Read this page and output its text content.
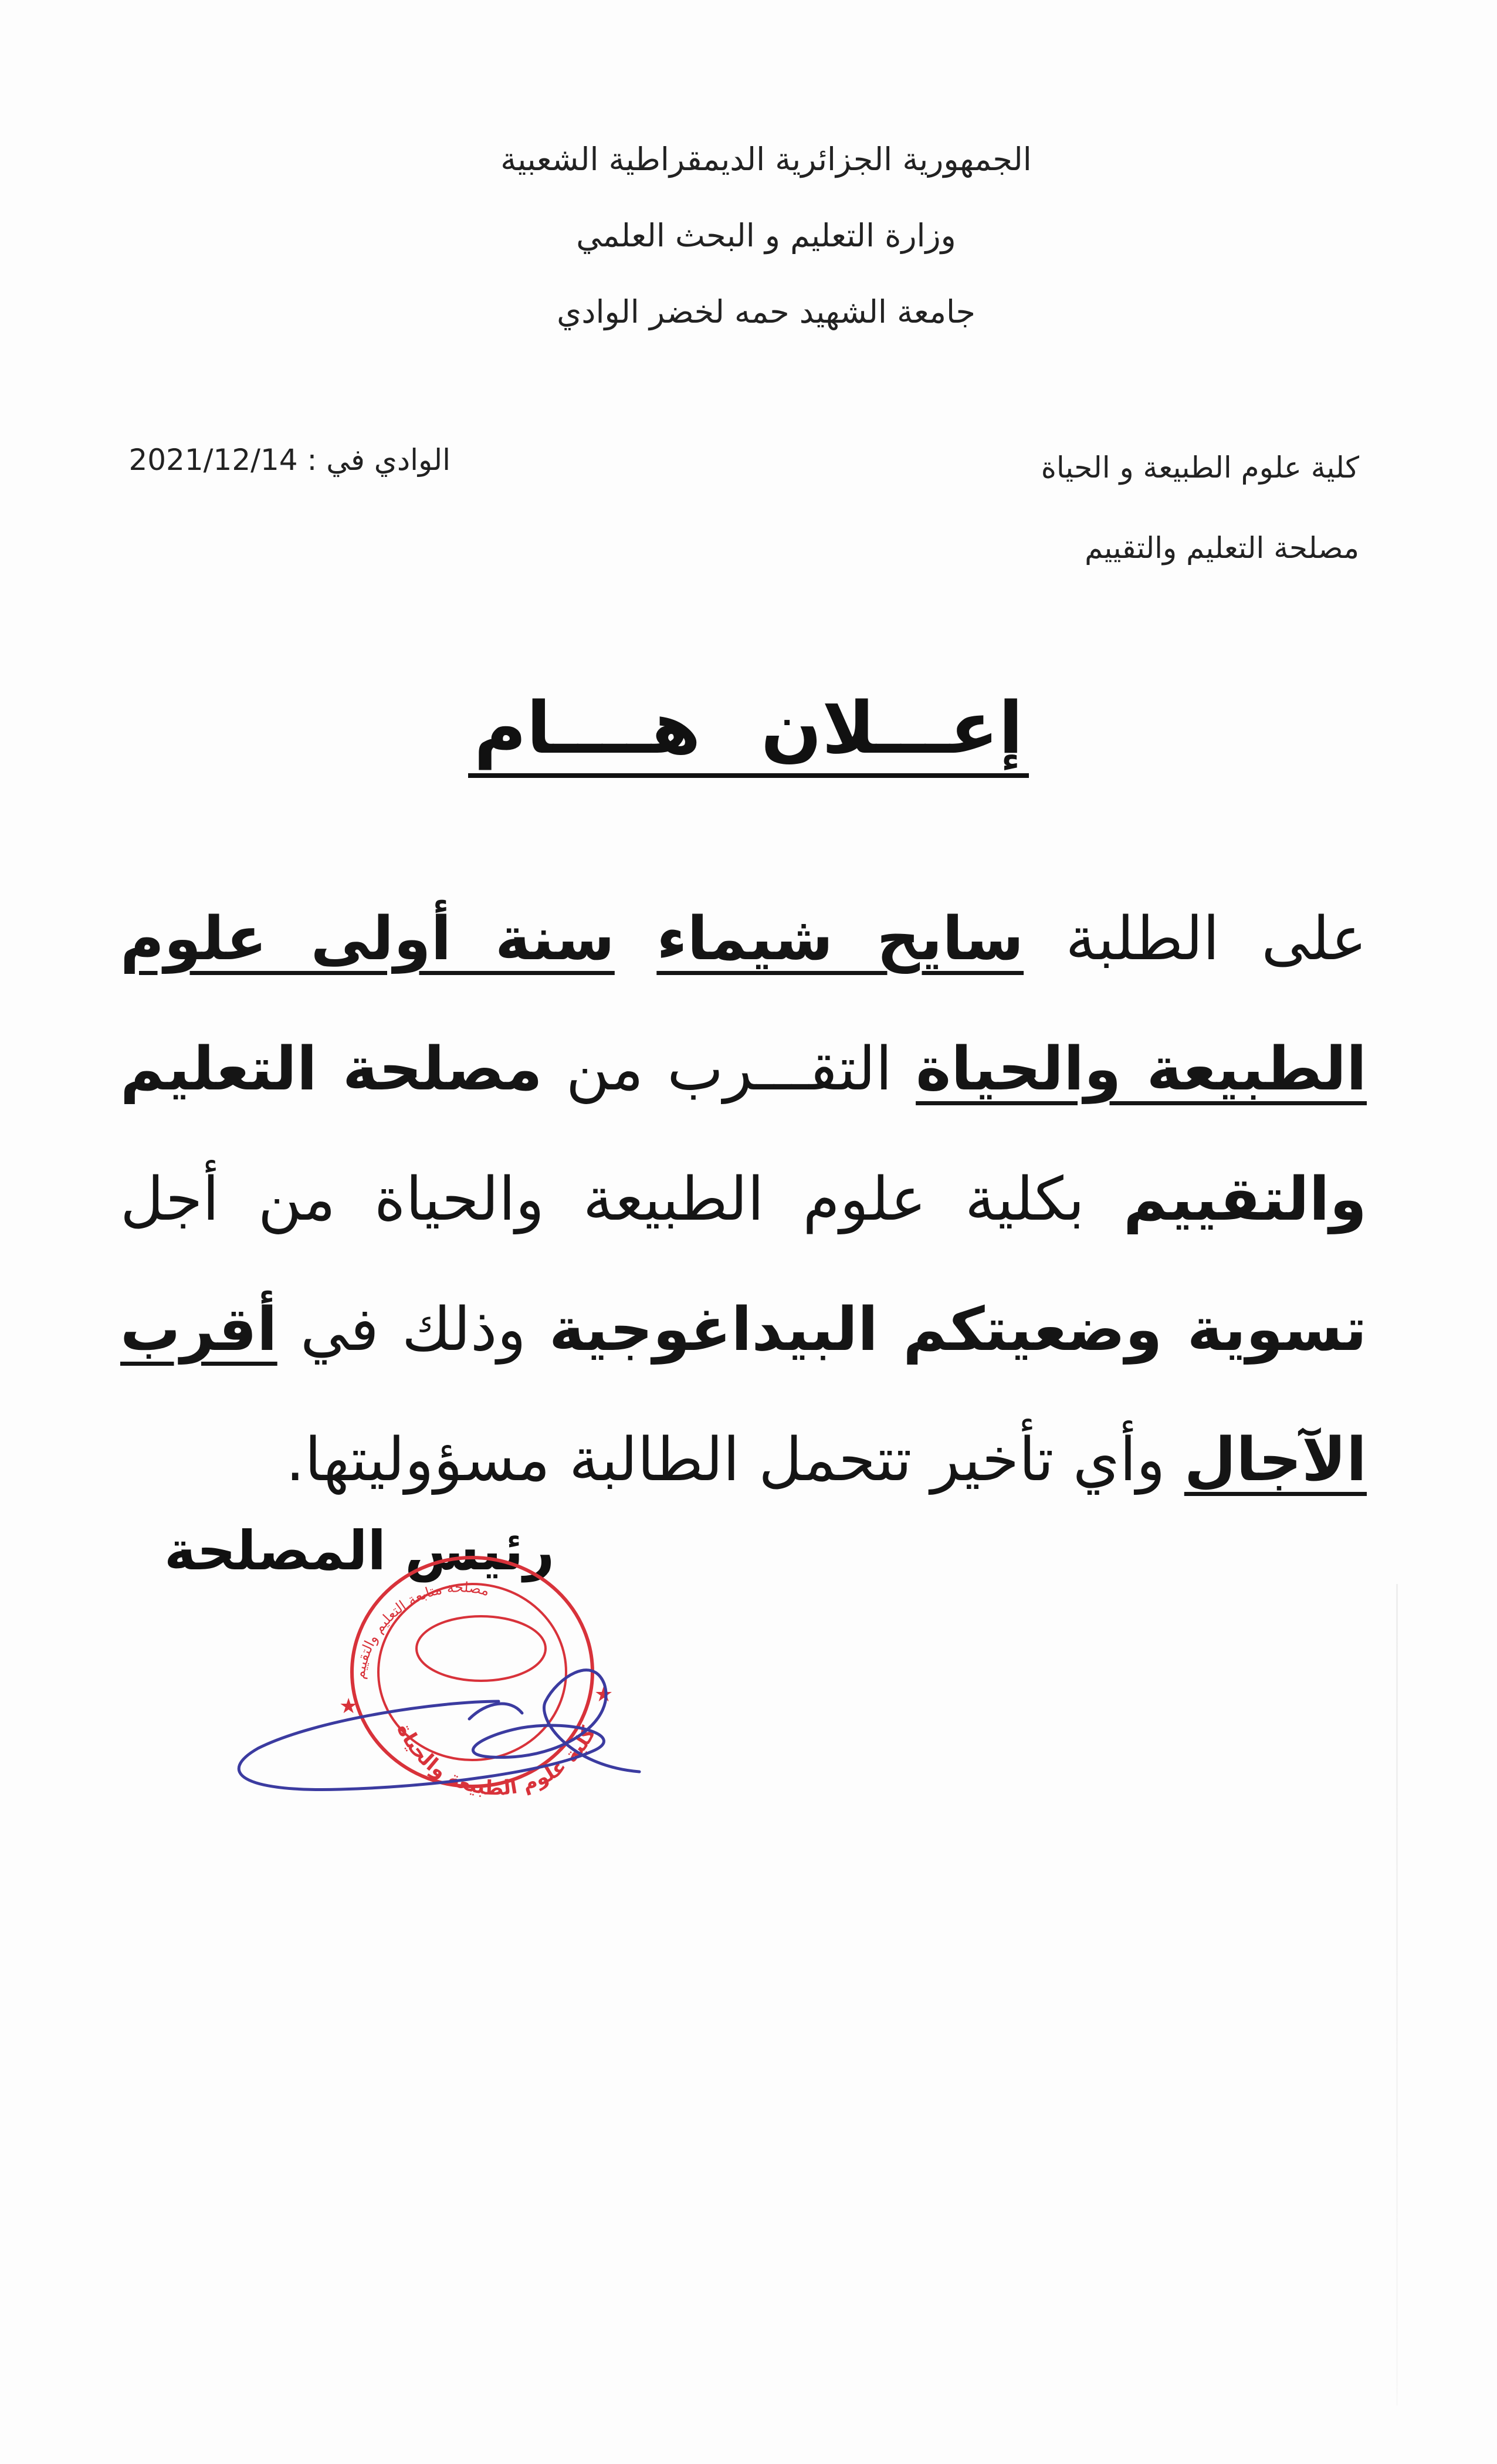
الجمهورية الجزائرية الديمقراطية الشعبية
وزارة التعليم و البحث العلمي
جامعة الشهيد حمه لخضر الوادي
كلية علوم الطبيعة و الحياة
مصلحة التعليم والتقييم
الوادي في : 2021/12/14
إعـــلان هــــام
على الطلبة سايح شيماء سنة أولى علوم الطبيعة والحياة التقـــرب من مصلحة التعليم والتقييم بكلية علوم الطبيعة والحياة من أجل تسوية وضعيتكم البيداغوجية وذلك في أقرب الآجال وأي تأخير تتحمل الطالبة مسؤوليتها.
رئيس المصلحة
كلية علوم الطبيعة والحياة
مصلحة متابعة التعليم والتقييم
★	★
